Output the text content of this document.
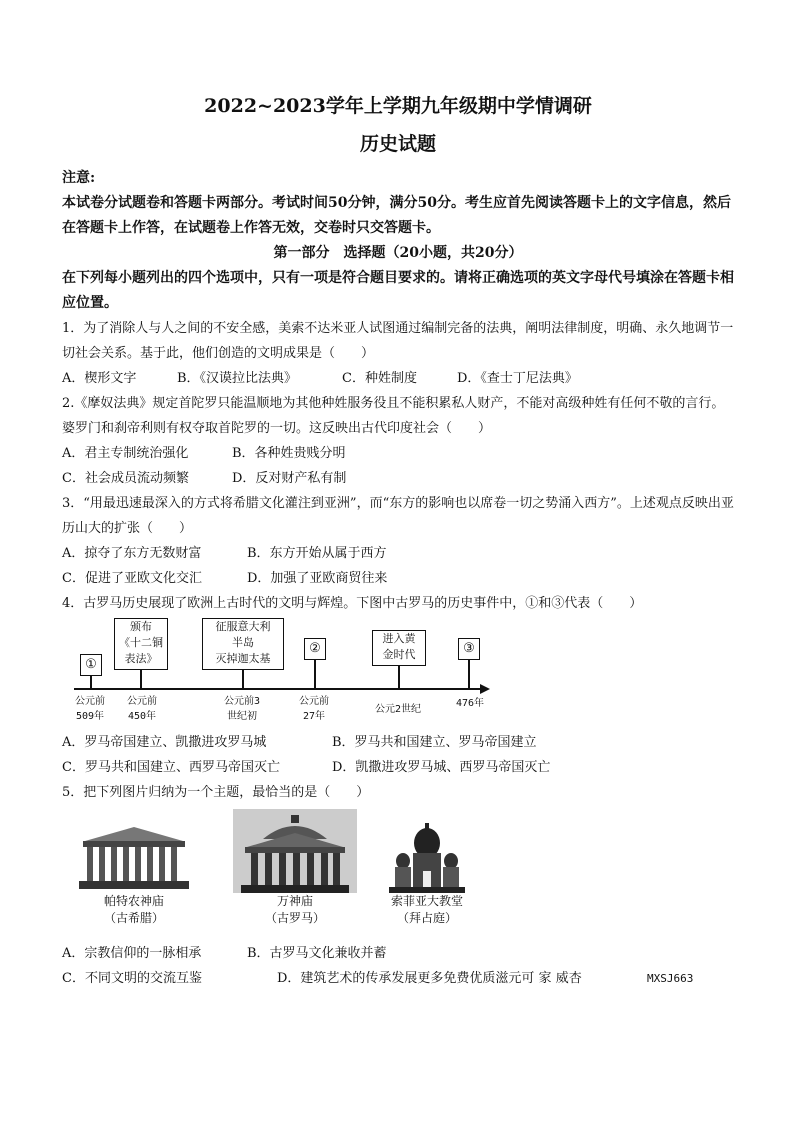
2022~2023学年上学期九年级期中学情调研
历史试题
注意:
本试卷分试题卷和答题卡两部分。考试时间50分钟，满分50分。考生应首先阅读答题卡上的文字信息，然后在答题卡上作答，在试题卷上作答无效，交卷时只交答题卡。
第一部分　选择题（20小题，共20分）
在下列每小题列出的四个选项中，只有一项是符合题目要求的。请将正确选项的英文字母代号填涂在答题卡相应位置。

1．为了消除人与人之间的不安全感，美索不达米亚人试图通过编制完备的法典，阐明法律制度，明确、永久地调节一切社会关系。基于此，他们创造的文明成果是（　　）

A．楔形文字	B．《汉谟拉比法典》	C．种姓制度	D．《查士丁尼法典》

2.《摩奴法典》规定首陀罗只能温顺地为其他种姓服务役且不能积累私人财产，不能对高级种姓有任何不敬的言行。婆罗门和刹帝利则有权夺取首陀罗的一切。这反映出古代印度社会（　　）

A．君主专制统治强化	B．各种姓贵贱分明
C．社会成员流动频繁	D．反对财产私有制

3．“用最迅速最深入的方式将希腊文化灌注到亚洲”，而“东方的影响也以席卷一切之势涌入西方”。上述观点反映出亚历山大的扩张（　　）

A．掠夺了东方无数财富	B．东方开始从属于西方
C．促进了亚欧文化交汇	D．加强了亚欧商贸往来

4．古罗马历史展现了欧洲上古时代的文明与辉煌。下图中古罗马的历史事件中，①和③代表（　　）

①
公元前
509年
颁布
《十二铜
表法》
公元前
450年
征服意大利
半岛
灭掉迦太基
公元前3
世纪初
②
公元前
27年
进入黄
金时代
公元2世纪
③
476年
A．罗马帝国建立、凯撒进攻罗马城	B．罗马共和国建立、罗马帝国建立
C．罗马共和国建立、西罗马帝国灭亡	D．凯撒进攻罗马城、西罗马帝国灭亡

5．把下列图片归纳为一个主题，最恰当的是（　　）

帕特农神庙
（古希腊）
万神庙
（古罗马）
索菲亚大教堂
（拜占庭）
A．宗教信仰的一脉相承	B．古罗马文化兼收并蓄
C．不同文明的交流互鉴	D．建筑艺术的传承发展更多免费优质滋元可 家 威杏	MXSJ663
